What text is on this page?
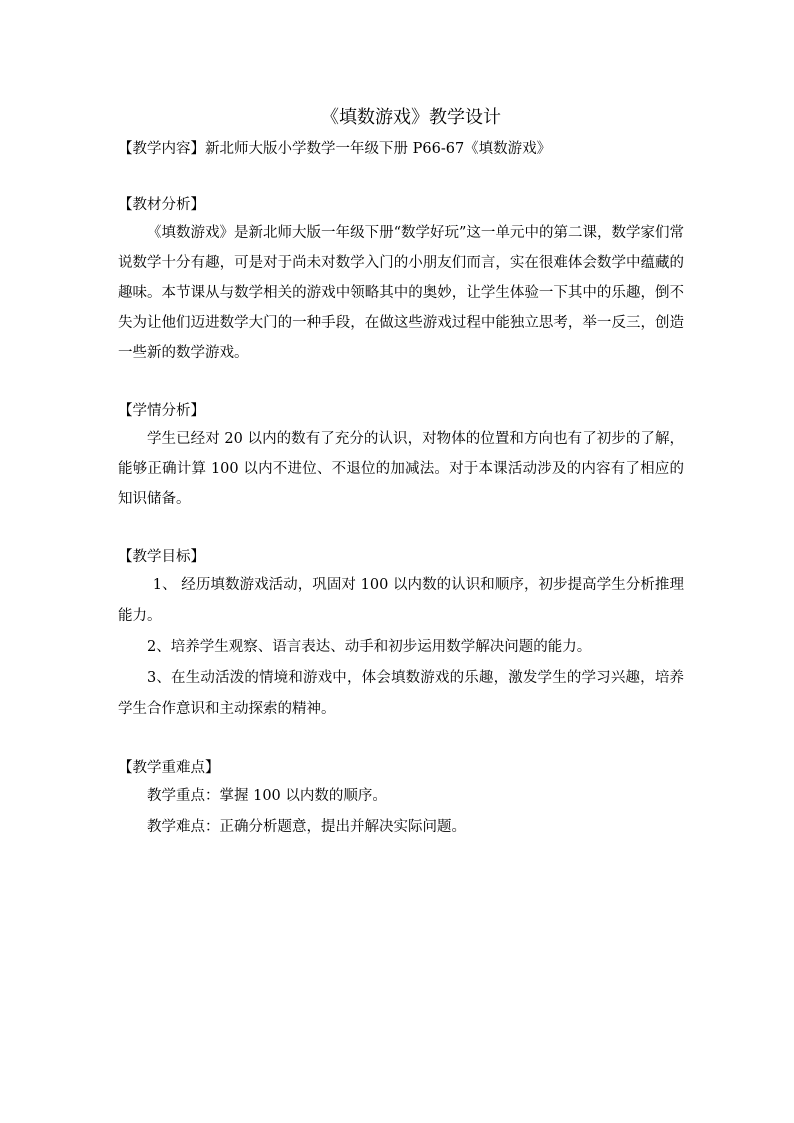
《填数游戏》教学设计

【教学内容】新北师大版小学数学一年级下册 P66-67《填数游戏》

【教材分析】

《填数游戏》是新北师大版一年级下册“数学好玩”这一单元中的第二课，数学家们常说数学十分有趣，可是对于尚未对数学入门的小朋友们而言，实在很难体会数学中蕴藏的趣味。本节课从与数学相关的游戏中领略其中的奥妙，让学生体验一下其中的乐趣，倒不失为让他们迈进数学大门的一种手段，在做这些游戏过程中能独立思考，举一反三，创造一些新的数学游戏。

【学情分析】

学生已经对 20 以内的数有了充分的认识，对物体的位置和方向也有了初步的了解，能够正确计算 100 以内不进位、不退位的加减法。对于本课活动涉及的内容有了相应的知识储备。

【教学目标】

1、 经历填数游戏活动，巩固对 100 以内数的认识和顺序，初步提高学生分析推理能力。

2、培养学生观察、语言表达、动手和初步运用数学解决问题的能力。

3、在生动活泼的情境和游戏中，体会填数游戏的乐趣，激发学生的学习兴趣，培养学生合作意识和主动探索的精神。

【教学重难点】

教学重点：掌握 100 以内数的顺序。

教学难点：正确分析题意，提出并解决实际问题。
